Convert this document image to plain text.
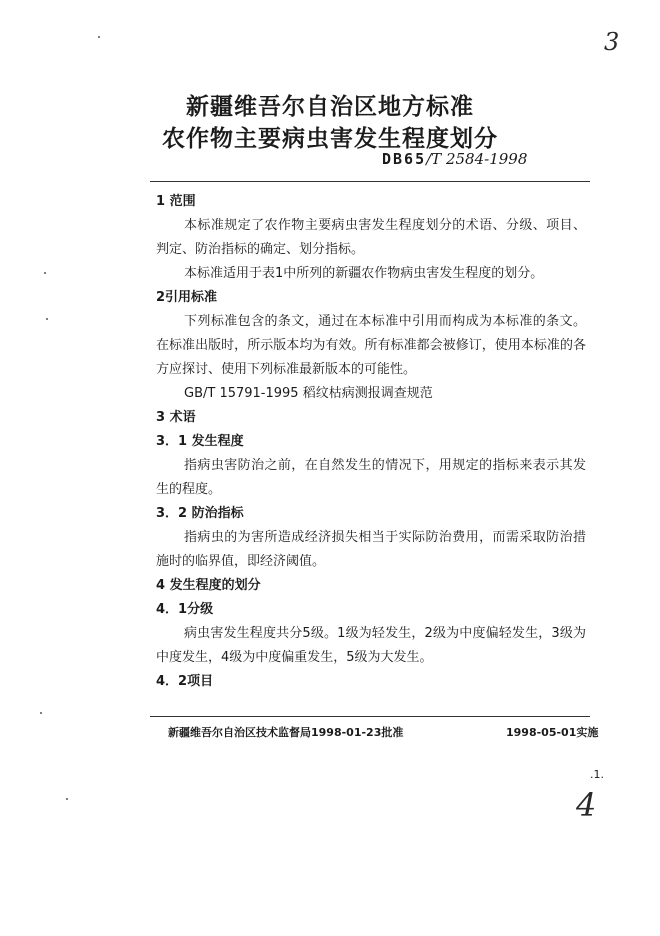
3
新疆维吾尔自治区地方标准
农作物主要病虫害发生程度划分
DB65/T 2584-1998

1 范围

本标准规定了农作物主要病虫害发生程度划分的术语、分级、项目、判定、防治指标的确定、划分指标。

本标准适用于表1中所列的新疆农作物病虫害发生程度的划分。

2引用标准

下列标准包含的条文，通过在本标准中引用而构成为本标准的条文。在标准出版时，所示版本均为有效。所有标准都会被修订，使用本标准的各方应探讨、使用下列标准最新版本的可能性。

GB/T 15791-1995 稻纹枯病测报调查规范

3 术语

3．1 发生程度

指病虫害防治之前，在自然发生的情况下，用规定的指标来表示其发生的程度。

3．2 防治指标

指病虫的为害所造成经济损失相当于实际防治费用，而需采取防治措施时的临界值，即经济阈值。

4 发生程度的划分

4．1分级

病虫害发生程度共分5级。1级为轻发生，2级为中度偏轻发生，3级为中度发生，4级为中度偏重发生，5级为大发生。

4．2项目

新疆维吾尔自治区技术监督局1998-01-23批准	1998-05-01实施
.1.
4
